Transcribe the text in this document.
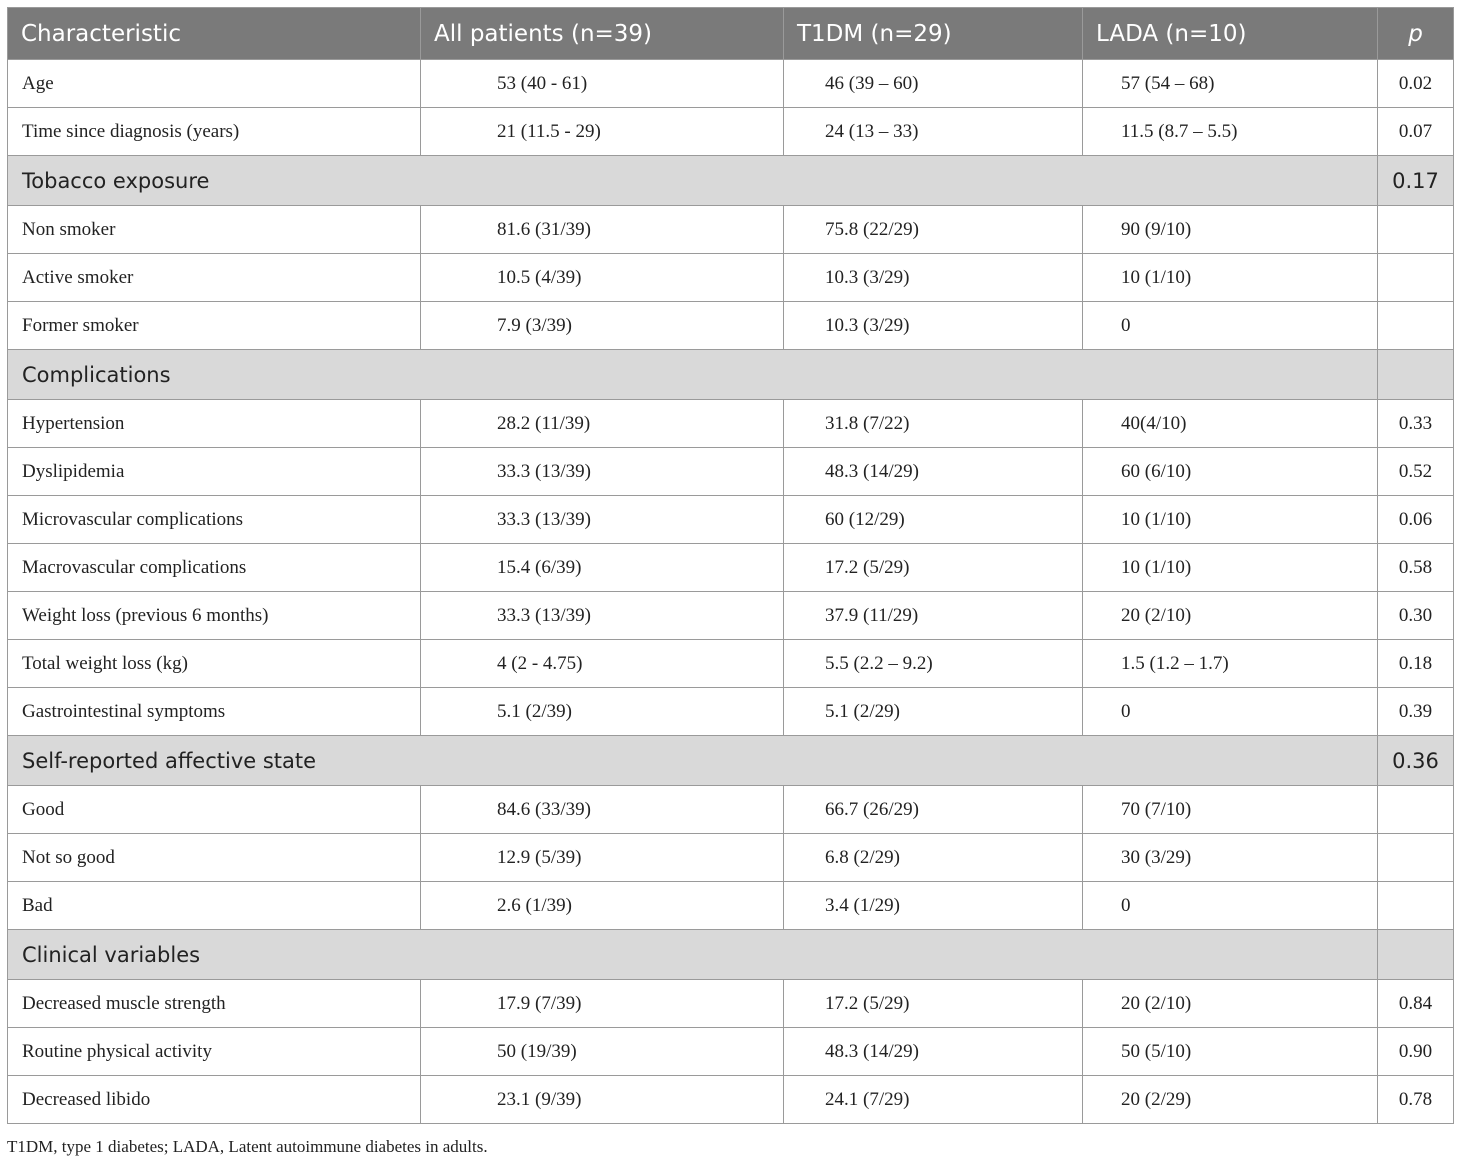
Characteristic	All patients (n=39)	T1DM (n=29)	LADA (n=10)	p
Age	53 (40 - 61)	46 (39 – 60)	57 (54 – 68)	0.02
Time since diagnosis (years)	21 (11.5 - 29)	24 (13 – 33)	11.5 (8.7 – 5.5)	0.07
Tobacco exposure				0.17
Non smoker	81.6 (31/39)	75.8 (22/29)	90 (9/10)	
Active smoker	10.5 (4/39)	10.3 (3/29)	10 (1/10)	
Former smoker	7.9 (3/39)	10.3 (3/29)	0	
Complications				
Hypertension	28.2 (11/39)	31.8 (7/22)	40(4/10)	0.33
Dyslipidemia	33.3 (13/39)	48.3 (14/29)	60 (6/10)	0.52
Microvascular complications	33.3 (13/39)	60 (12/29)	10 (1/10)	0.06
Macrovascular complications	15.4 (6/39)	17.2 (5/29)	10 (1/10)	0.58
Weight loss (previous 6 months)	33.3 (13/39)	37.9 (11/29)	20 (2/10)	0.30
Total weight loss (kg)	4 (2 - 4.75)	5.5 (2.2 – 9.2)	1.5 (1.2 – 1.7)	0.18
Gastrointestinal symptoms	5.1 (2/39)	5.1 (2/29)	0	0.39
Self-reported affective state				0.36
Good	84.6 (33/39)	66.7 (26/29)	70 (7/10)	
Not so good	12.9 (5/39)	6.8 (2/29)	30 (3/29)	
Bad	2.6 (1/39)	3.4 (1/29)	0	
Clinical variables				
Decreased muscle strength	17.9 (7/39)	17.2 (5/29)	20 (2/10)	0.84
Routine physical activity	50 (19/39)	48.3 (14/29)	50 (5/10)	0.90
Decreased libido	23.1 (9/39)	24.1 (7/29)	20 (2/29)	0.78
T1DM, type 1 diabetes; LADA, Latent autoimmune diabetes in adults.
